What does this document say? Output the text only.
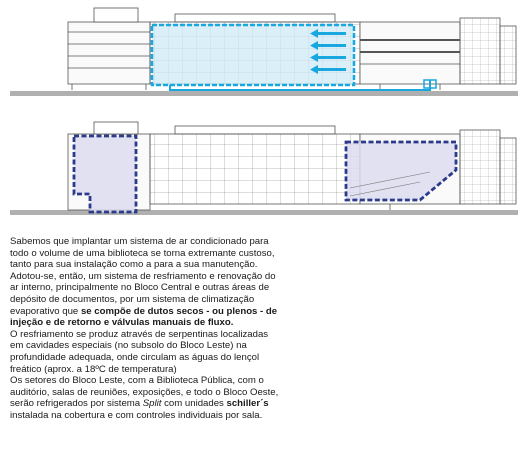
Sabemos que implantar um sistema de ar condicionado para todo o volume de uma biblioteca se torna extremante custoso, tanto para sua instalação como a para a sua manutenção.

Adotou-se, então, um sistema de resfriamento e renovação do ar interno, principalmente no Bloco Central e outras áreas de depósito de documentos, por um sistema de climatização evaporativo que se compõe de dutos secos - ou plenos - de injeção e de retorno e válvulas manuais de fluxo.

O resfriamento se produz através de serpentinas localizadas em cavidades especiais (no subsolo do Bloco Leste) na profundidade adequada, onde circulam as águas do lençol freático (aprox. a 18ºC de temperatura)

Os setores do Bloco Leste, com a Biblioteca Pública, com o auditório, salas de reuniões, exposições, e todo o Bloco Oeste, serão refrigerados por sistema Split com unidades schiller´s instalada na cobertura e com controles individuais por sala.
